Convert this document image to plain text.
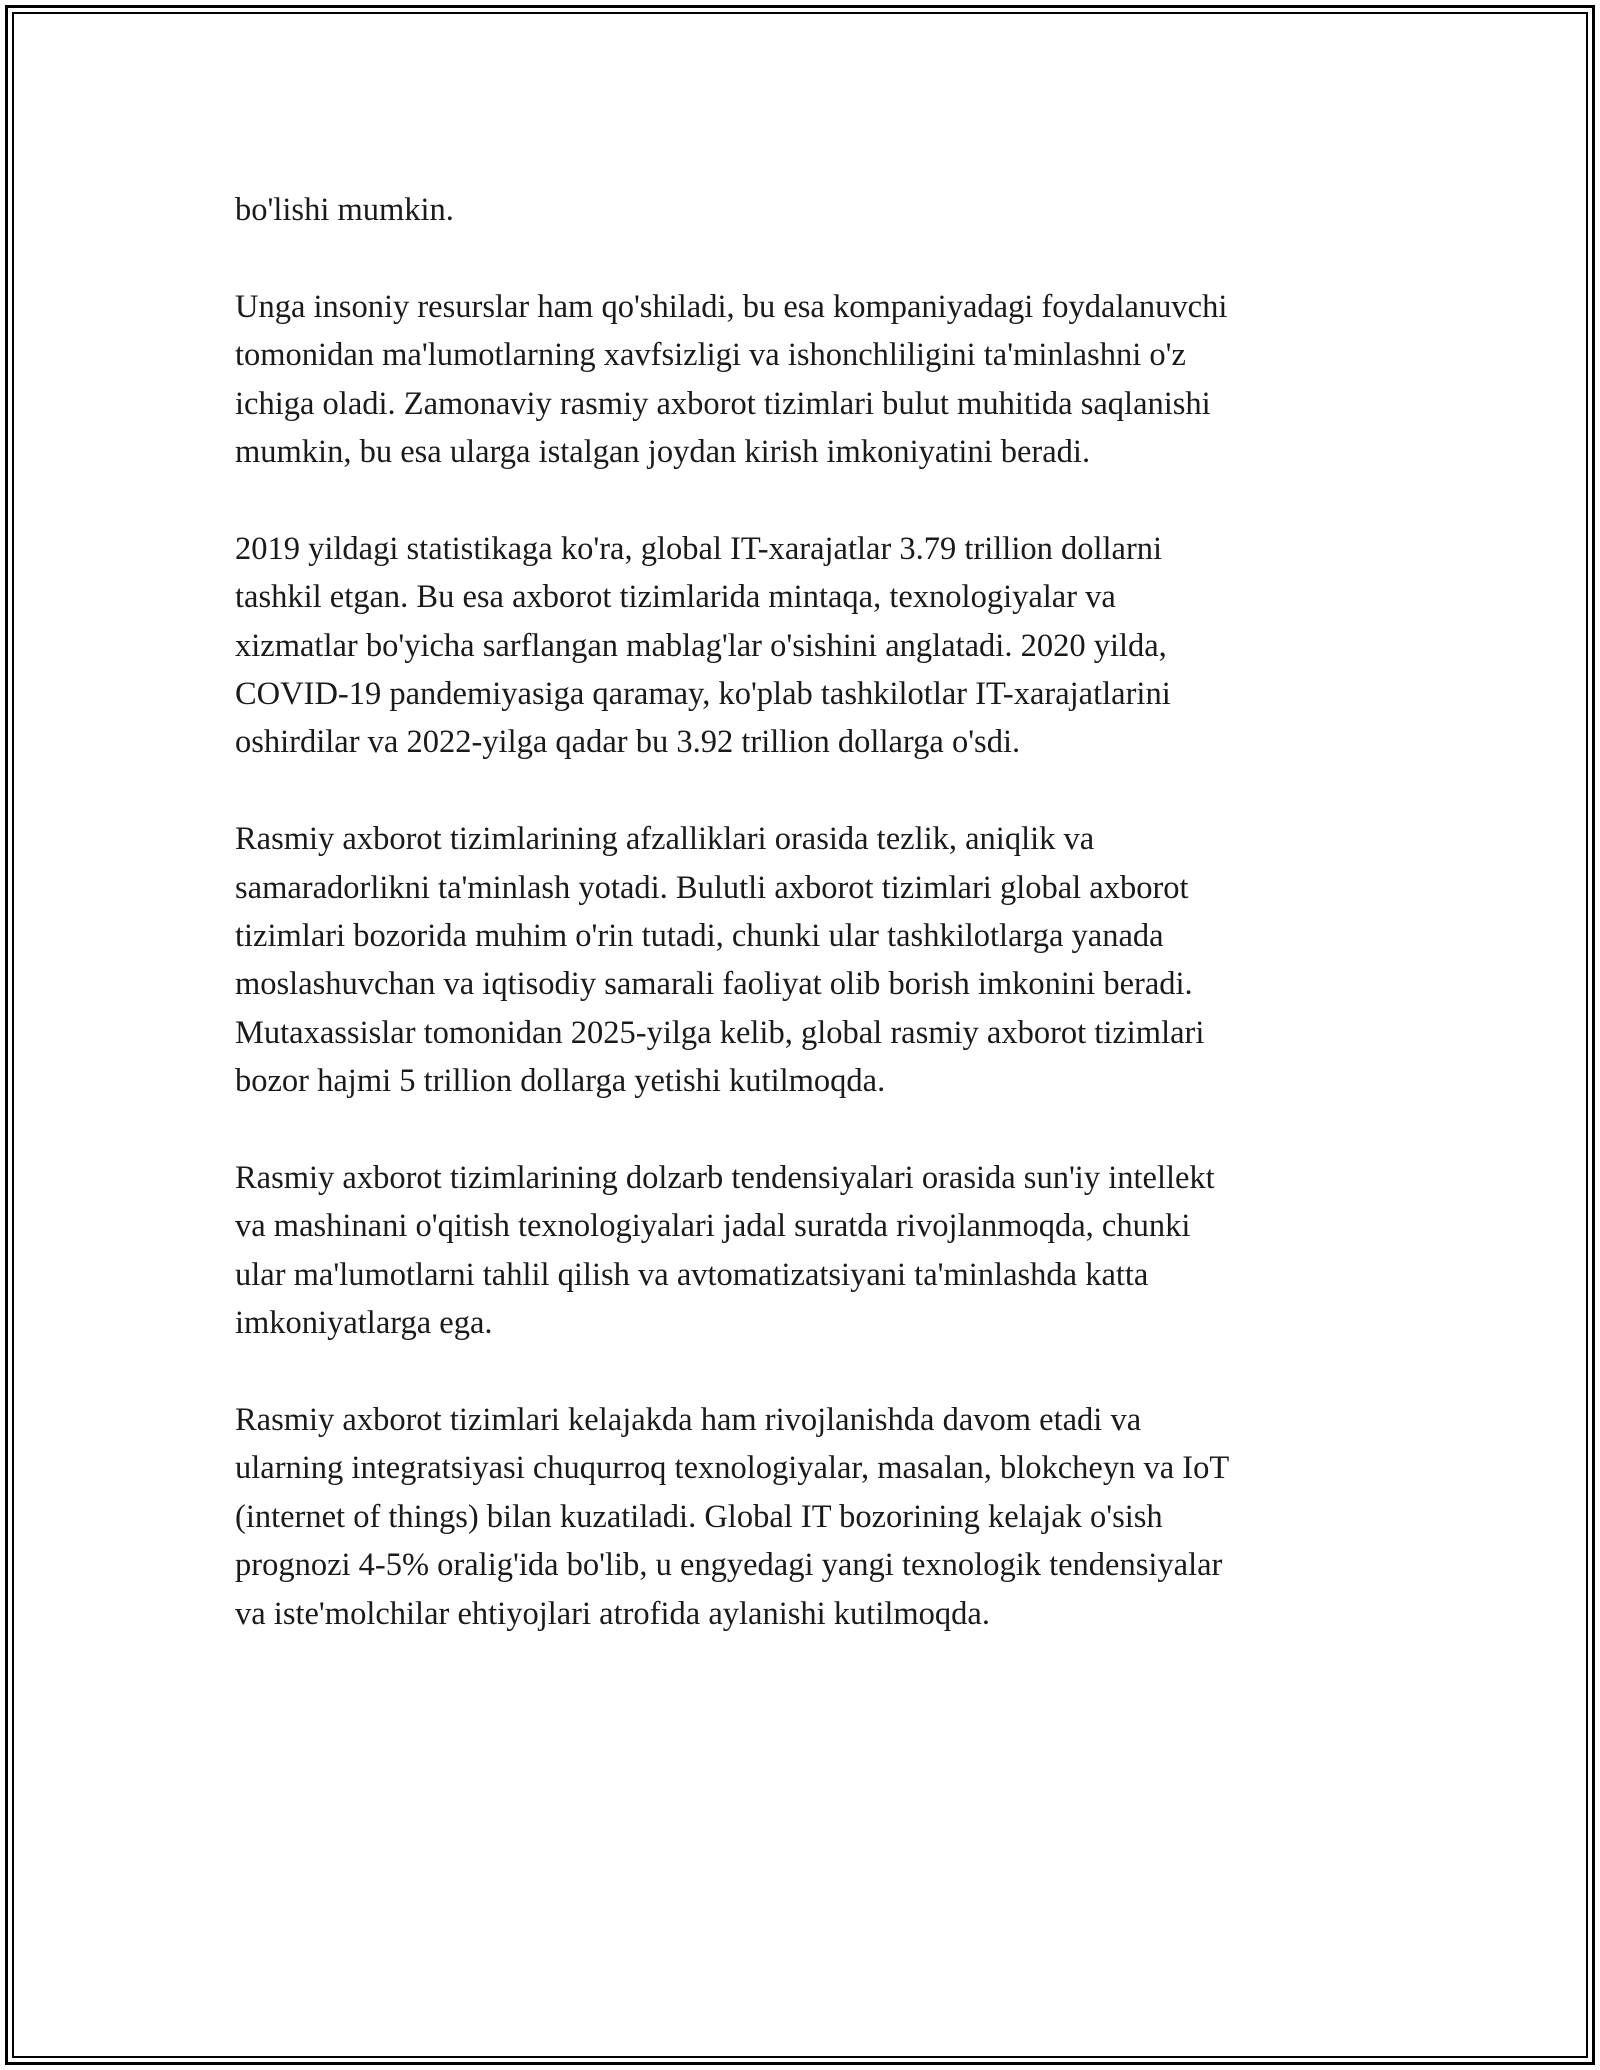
bo'lishi mumkin.

Unga insoniy resurslar ham qo'shiladi, bu esa kompaniyadagi foydalanuvchi
tomonidan ma'lumotlarning xavfsizligi va ishonchliligini ta'minlashni o'z
ichiga oladi. Zamonaviy rasmiy axborot tizimlari bulut muhitida saqlanishi
mumkin, bu esa ularga istalgan joydan kirish imkoniyatini beradi.

2019 yildagi statistikaga ko'ra, global IT-xarajatlar 3.79 trillion dollarni
tashkil etgan. Bu esa axborot tizimlarida mintaqa, texnologiyalar va
xizmatlar bo'yicha sarflangan mablag'lar o'sishini anglatadi. 2020 yilda,
COVID-19 pandemiyasiga qaramay, ko'plab tashkilotlar IT-xarajatlarini
oshirdilar va 2022-yilga qadar bu 3.92 trillion dollarga o'sdi.

Rasmiy axborot tizimlarining afzalliklari orasida tezlik, aniqlik va
samaradorlikni ta'minlash yotadi. Bulutli axborot tizimlari global axborot
tizimlari bozorida muhim o'rin tutadi, chunki ular tashkilotlarga yanada
moslashuvchan va iqtisodiy samarali faoliyat olib borish imkonini beradi.
Mutaxassislar tomonidan 2025-yilga kelib, global rasmiy axborot tizimlari
bozor hajmi 5 trillion dollarga yetishi kutilmoqda.

Rasmiy axborot tizimlarining dolzarb tendensiyalari orasida sun'iy intellekt
va mashinani o'qitish texnologiyalari jadal suratda rivojlanmoqda, chunki
ular ma'lumotlarni tahlil qilish va avtomatizatsiyani ta'minlashda katta
imkoniyatlarga ega.

Rasmiy axborot tizimlari kelajakda ham rivojlanishda davom etadi va
ularning integratsiyasi chuqurroq texnologiyalar, masalan, blokcheyn va IoT
(internet of things) bilan kuzatiladi. Global IT bozorining kelajak o'sish
prognozi 4-5% oralig'ida bo'lib, u engyedagi yangi texnologik tendensiyalar
va iste'molchilar ehtiyojlari atrofida aylanishi kutilmoqda.
